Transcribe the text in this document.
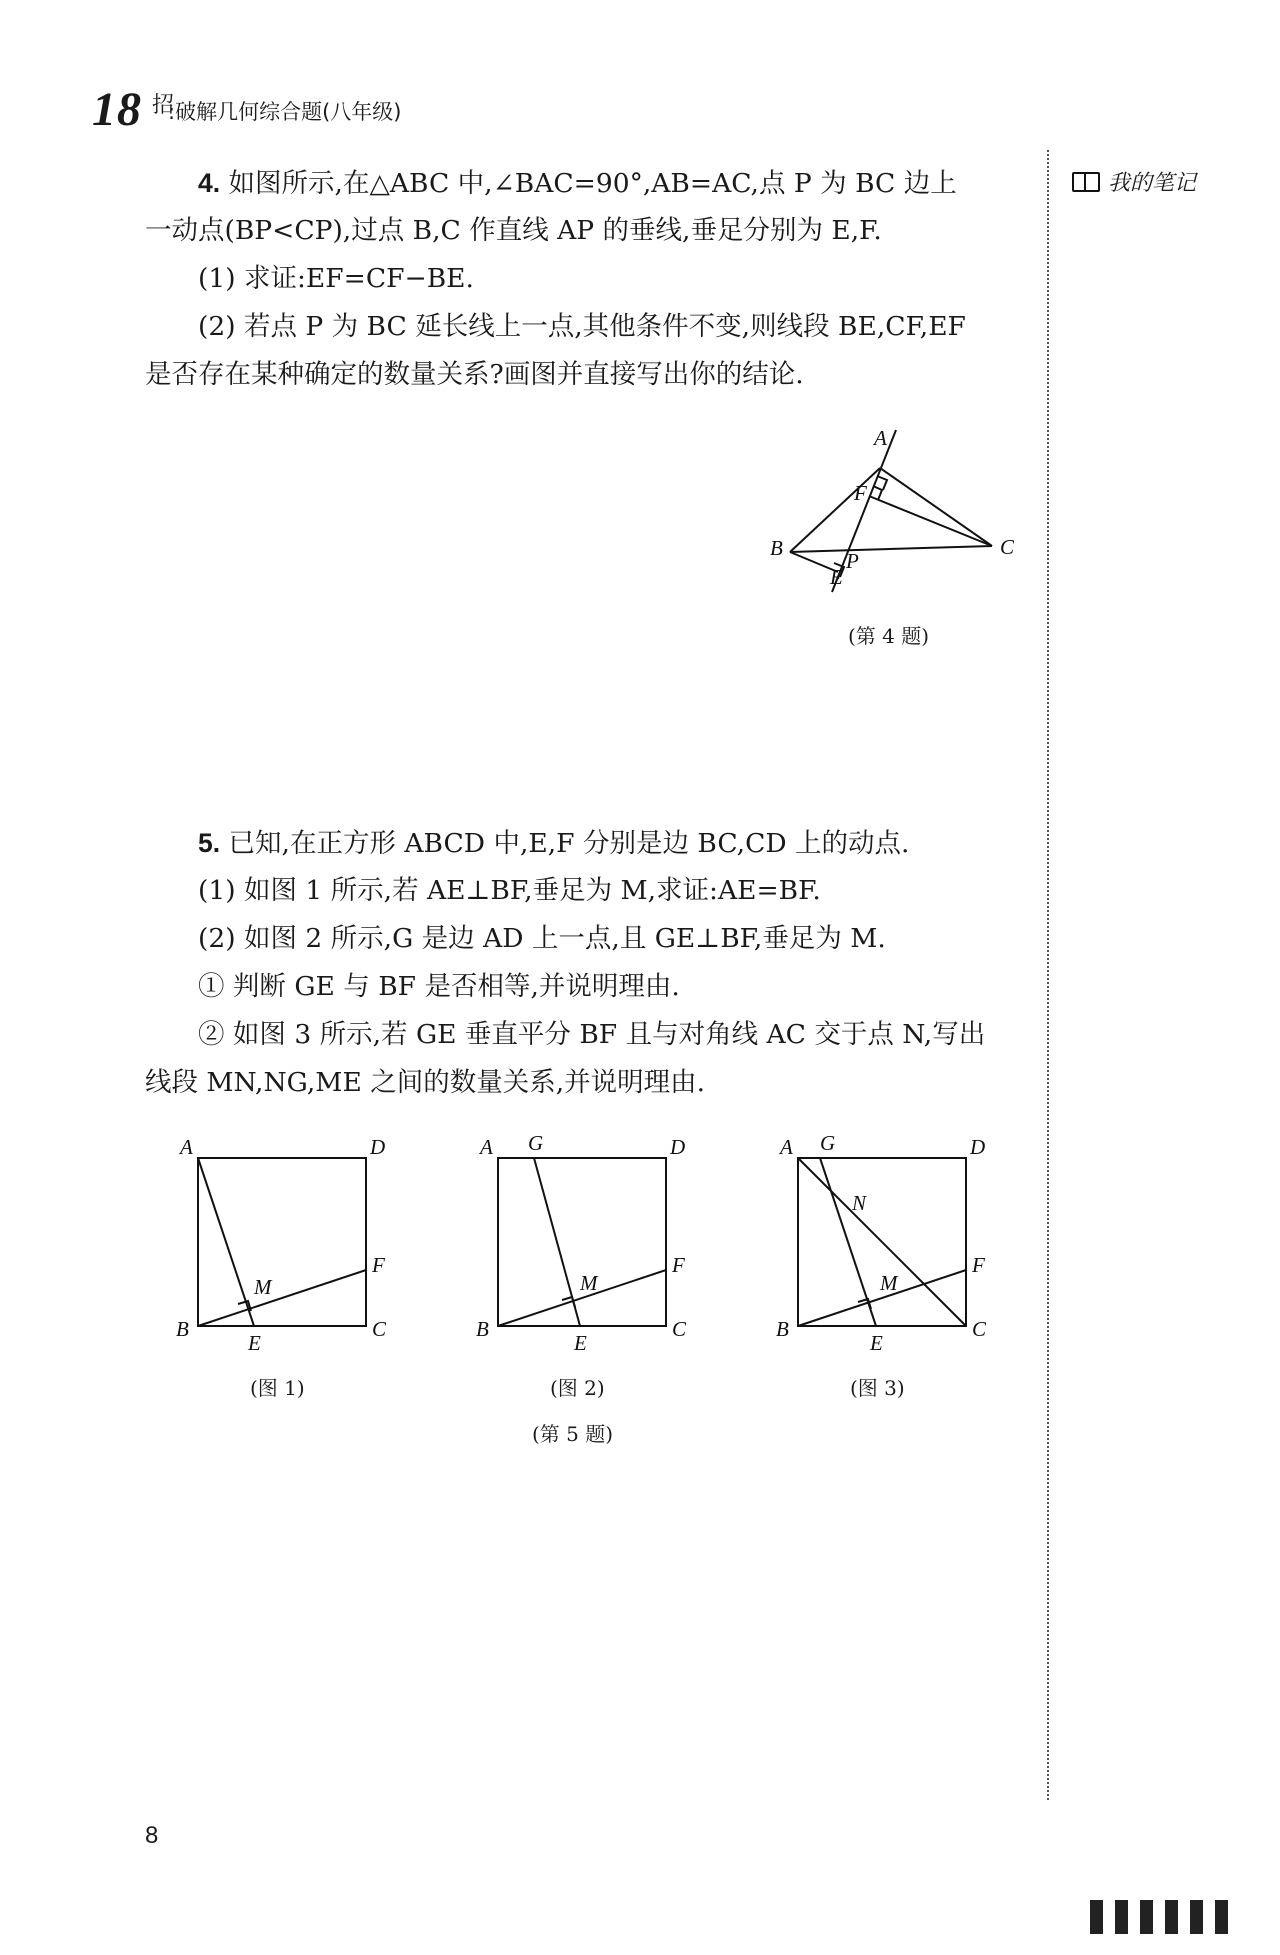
18 招
:破解几何综合题(八年级)
我的笔记
4. 如图所示,在△ABC 中,∠BAC=90°,AB=AC,点 P 为 BC 边上
一动点(BP<CP),过点 B,C 作直线 AP 的垂线,垂足分别为 E,F.
(1) 求证:EF=CF−BE.
(2) 若点 P 为 BC 延长线上一点,其他条件不变,则线段 BE,CF,EF
是否存在某种确定的数量关系?画图并直接写出你的结论.
A
B	C
F
P
E
(第 4 题)
5. 已知,在正方形 ABCD 中,E,F 分别是边 BC,CD 上的动点.
(1) 如图 1 所示,若 AE⊥BF,垂足为 M,求证:AE=BF.
(2) 如图 2 所示,G 是边 AD 上一点,且 GE⊥BF,垂足为 M.
① 判断 GE 与 BF 是否相等,并说明理由.
② 如图 3 所示,若 GE 垂直平分 BF 且与对角线 AC 交于点 N,写出
线段 MN,NG,ME 之间的数量关系,并说明理由.
A	D
B	C
E
F
M
(图 1)
A G	D
B	C
E
F
M
(图 2)
A G	D
N
B	C
E
F
M
(图 3)
(第 5 题)
8
